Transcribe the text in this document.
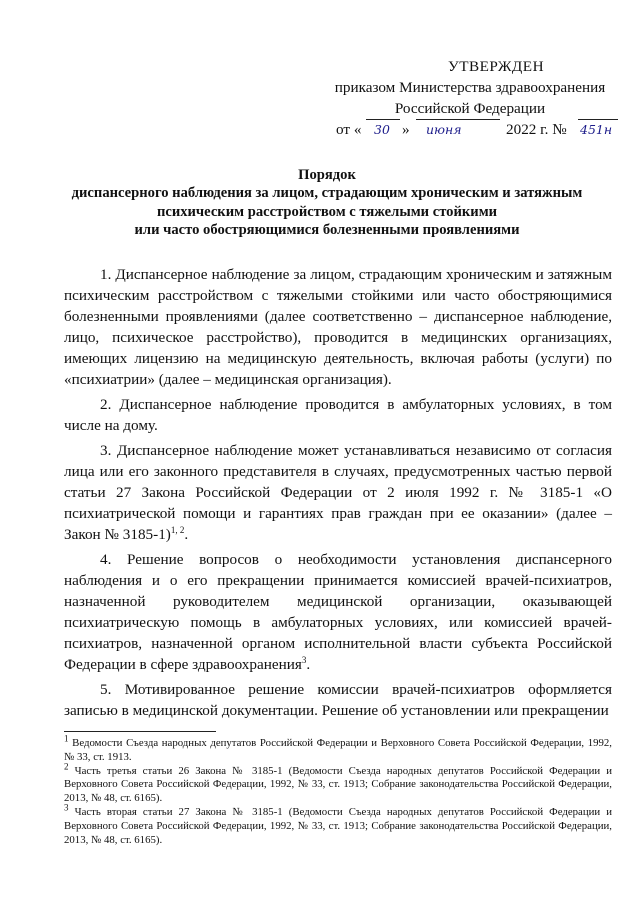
УТВЕРЖДЕН
приказом Министерства здравоохранения
Российской Федерации
от « 30 » июня	2022 г. № 451н
Порядок
диспансерного наблюдения за лицом, страдающим хроническим и затяжным
психическим расстройством с тяжелыми стойкими
или часто обостряющимися болезненными проявлениями

1. Диспансерное наблюдение за лицом, страдающим хроническим и затяжным психическим расстройством с тяжелыми стойкими или часто обостряющимися болезненными проявлениями (далее соответственно – диспансерное наблюдение, лицо, психическое расстройство), проводится в медицинских организациях, имеющих лицензию на медицинскую деятельность, включая работы (услуги) по «психиатрии» (далее – медицинская организация).

2. Диспансерное наблюдение проводится в амбулаторных условиях, в том числе на дому.

3. Диспансерное наблюдение может устанавливаться независимо от согласия лица или его законного представителя в случаях, предусмотренных частью первой статьи 27 Закона Российской Федерации от 2 июля 1992 г. № 3185-1 «О психиатрической помощи и гарантиях прав граждан при ее оказании» (далее – Закон № 3185-1)$^{1, 2}$.

4. Решение вопросов о необходимости установления диспансерного наблюдения и о его прекращении принимается комиссией врачей-психиатров, назначенной руководителем медицинской организации, оказывающей психиатрическую помощь в амбулаторных условиях, или комиссией врачей-психиатров, назначенной органом исполнительной власти субъекта Российской Федерации в сфере здравоохранения$^3$.

5. Мотивированное решение комиссии врачей-психиатров оформляется записью в медицинской документации. Решение об установлении или прекращении

$^1$ Ведомости Съезда народных депутатов Российской Федерации и Верховного Совета Российской Федерации, 1992, № 33, ст. 1913.

$^2$ Часть третья статьи 26 Закона № 3185-1 (Ведомости Съезда народных депутатов Российской Федерации и Верховного Совета Российской Федерации, 1992, № 33, ст. 1913; Собрание законодательства Российской Федерации, 2013, № 48, ст. 6165).

$^3$ Часть вторая статьи 27 Закона № 3185-1 (Ведомости Съезда народных депутатов Российской Федерации и Верховного Совета Российской Федерации, 1992, № 33, ст. 1913; Собрание законодательства Российской Федерации, 2013, № 48, ст. 6165).
